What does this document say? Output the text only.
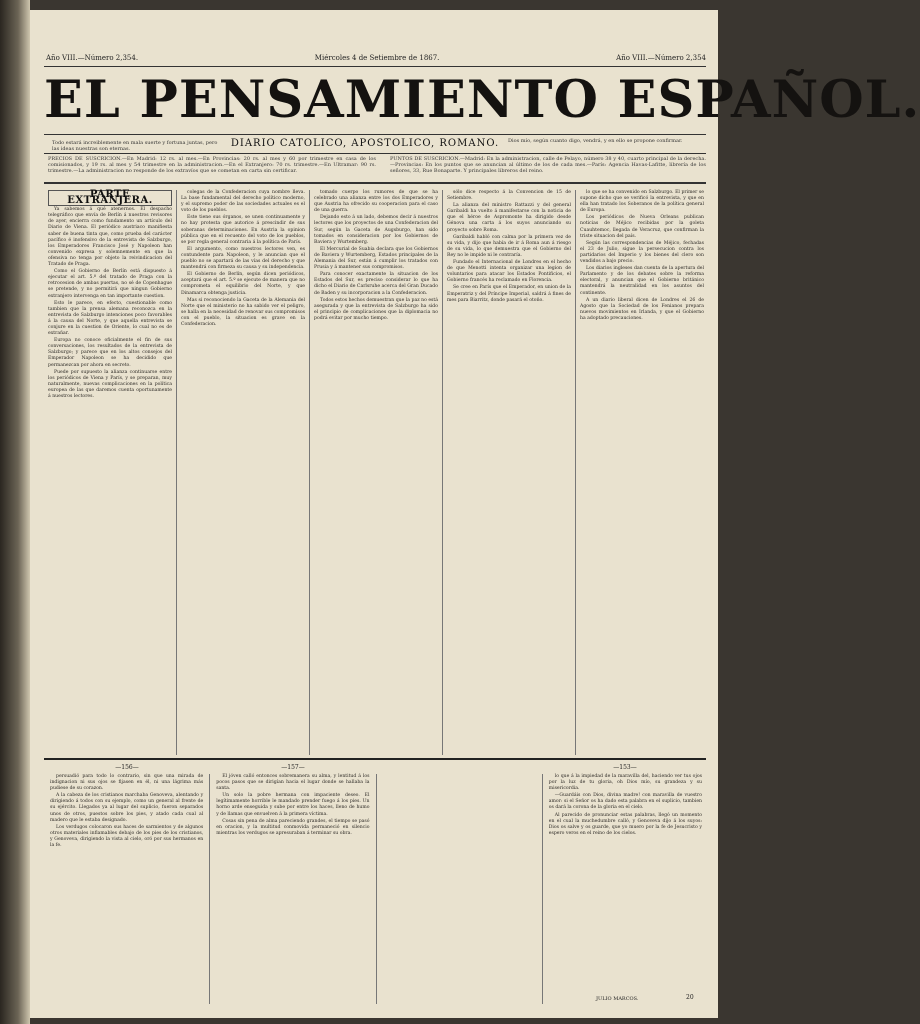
Año VIII.—Número 2,354.	Miércoles 4 de Setiembre de 1867.	Año VIII.—Número 2,354
EL PENSAMIENTO ESPAÑOL.
Todo estará increiblemente en mala suerte y fortuna juntas, pero las ideas nuestras son eternas.	DIARIO CATOLICO, APOSTOLICO, ROMANO. Dios mío, según cuanto digo, vendrá, y en ello se propone confirmar.
PRECIOS DE SUSCRICION.—En Madrid: 12 rs. al mes.—En Provincias: 20 rs. al mes y 60 por trimestre en casa de los comisionados, y 19 rs. al mes y 54 trimestre en la administracion.—En el Extranjero: 70 rs. trimestre.—En Ultramar: 90 rs. trimestre.—La administracion no responde de los extravíos que se cometan en carta sin certificar.
PUNTOS DE SUSCRICION.—Madrid: En la administracion, calle de Pelayo, número 38 y 40, cuarto principal de la derecha.—Provincias: En los puntos que se anuncian al último de los de cada mes.—París: Agencia Havas-Lafitte, librería de los señores, 33, Rue Bonaparte. Y principales libreros del reino.

PARTE EXTRANJERA.

Ya sabemos á qué atenernos. El despacho telegráfico que envía de Berlín á nuestros revisores de ayer, encierra como fundamento un artículo del Diario de Viena. El periódico austriaco manifiesta saber de buena tinta que, como prueba del carácter pacífico é inofensivo de la entrevista de Salzburgo, los Emperadores Francisco José y Napoleon han convenido expresa y solemnemente en que la ofensiva no tenga por objeto la reivindicacion del Tratado de Praga.

Como el Gobierno de Berlín está dispuesto á ejecutar el art. 5.º del tratado de Praga con la retrocesion de ambas puertas, no sé de Copenhague se pretende, y no permitirá que ningun Gobierno extranjero intervenga en tan importante cuestion.

Esto le parece, en efecto, cuestionable como tambien que la prensa alemana reconozca en la entrevista de Salzburgo intenciones poco favorables á la causa del Norte, y que aquella entrevista se conjure en la cuestion de Oriente, lo cual no es de extrañar.

Europa no conoce oficialmente el fin de sus conversaciones, los resultados de la entrevista de Salzburgo; y parece que en los altos consejos del Emperador Napoleon se ha decidido que permanezcan por ahora en secreto.

Puede por supuesto la alianza continuarse entre los periódicos de Viena y París, y se preparan, muy naturalmente, nuevas complicaciones en la política europea de las que daremos cuenta oportunamente á nuestros lectores.

colegas de la Confederacion cuya nombre lleva. La base fundamental del derecho político moderno, y el supremo poder de las sociedades actuales es el voto de los pueblos.

Este tiene sus órganos, se unen continuamente y no hay protesta que autorice á prescindir de sus soberanas determinaciones. En Austria la opinion pública que en el recuento del voto de los pueblos, se por regla general contraria á la política de París.

El argumento, como nuestros lectores ven, es contundente para Napoleon, y le anuncian que el pueblo no se apartará de las vías del derecho y que mantendrá con firmeza su causa y su independencia.

El Gobierno de Berlín, según dicen periódicos, aceptará que el art. 5.º se ejecute de manera que no comprometa el equilibrio del Norte, y que Dinamarca obtenga justicia.

Mas si reconociendo la Gaceta de la Alemania del Norte que el ministerio no ha sabido ver el peligro, se halla en la necesidad de renovar sus compromisos con el pueblo, la situacion es grave en la Confederacion.

tomado cuerpo los rumores de que se ha celebrado una alianza entre los dos Emperadores y que Austria ha ofrecido su cooperacion para el caso de una guerra.

Dejando esto á un lado, debemos decir á nuestros lectores que los proyectos de una Confederacion del Sur, según la Gaceta de Augsburgo, han sido tomados en consideracion por los Gobiernos de Baviera y Wurtemberg.

El Mercurial de Suabia declara que los Gobiernos de Baviera y Wurtemberg, Estados principales de la Alemania del Sur, están á cumplir los tratados con Prusia y á mantener sus compromisos.

Para conocer exactamente la situacion de los Estados del Sur, es preciso considerar lo que ha dicho el Diario de Carlsruhe acerca del Gran Ducado de Baden y su incorporacion a la Confederacion.

Todos estos hechos demuestran que la paz no está asegurada y que la entrevista de Salzburgo ha sido el principio de complicaciones que la diplomacia no podrá evitar por mucho tiempo.

sólo dice respecto á la Convencion de 15 de Setiembre.

La alianza del ministro Rattazzi y del general Garibaldi ha vuelto á manifestarse con la noticia de que el héroe de Aspromonte ha dirigido desde Génova una carta á los suyos anunciando su proyecto sobre Roma.

Garibaldi habló con calma por la primera vez de su vida, y dijo que había de ir á Roma aun á riesgo de su vida, lo que demuestra que el Gobierno del Rey no le impide ni le contraría.

Fundado el Internacional de Londres en el hecho de que Menotti intenta organizar una legion de voluntarios para atacar los Estados Pontificios, el Gobierno francés ha reclamado en Florencia.

Se cree en París que el Emperador, en union de la Emperatriz y del Príncipe Imperial, saldrá á fines de mes para Biarritz, donde pasará el otoño.

lo que se ha convenido en Salzburgo. El primer se supone dicho que se verificó la entrevista, y que en ella han tratado los Soberanos de la política general de Europa.

Los periódicos de Nueva Orleans publican noticias de Méjico recibidas por la goleta Cuauhtemoc, llegada de Veracruz, que confirman la triste situacion del país.

Según las correspondencias de Méjico, fechadas el 23 de Julio, sigue la persecucion contra los partidarios del Imperio y los bienes del clero son vendidos a bajo precio.

Los diarios ingleses dan cuenta de la apertura del Parlamento y de los debates sobre la reforma electoral, y anuncian que el Gobierno británico mantendrá la neutralidad en los asuntos del continente.

A un diario liberal dicen de Londres el 26 de Agosto que la Sociedad de los Fenianos prepara nuevos movimientos en Irlanda, y que el Gobierno ha adoptado precauciones.

—156—	—157—	—153—

persuadió para todo lo contrario, sin que una mirada de indignacion ni sus ojos se fijasen en él, ni una lágrima más pudiese de su corazon.

A la cabeza de los cristianos marchaba Genoveva, alentando y dirigiendo á todos con su ejemplo, como un general al frente de su ejército. Llegados ya al lugar del suplicio, fueron separados unos de otros, puestos sobre los pies, y atado cada cual al madero que le estaba designado.

Los verdugos colocaron sus haces de sarmientos y de algunos otros materiales inflamables debajo de los pies de los cristianos, y Genoveva, dirigiendo la vista al cielo, oró por sus hermanos en la fe.

El jóven calló entonces sobremanera su alma, y lentitud á los pocos pasos que se dirigían hacia el lugar donde se hallaba la santa.

Un solo la pobre hermana con impaciente deseo. El legítimamente horrible le mandado prender fuego á los pies. Un horno arde enseguida y sube por entre los haces, lleno de humo y de llamas que envuelven á la primera víctima.

Cosas sin pena de alma pareciendo grandes, el tiempo se pasó en oracion, y la multitud conmovida permaneció en silencio mientras los verdugos se apresuraban á terminar su obra.

lo que á la impiedad de la maravilla del, haciendo ver tus ojos por la luz de tu gloria, oh Dios mío, su grandeza y su misericordia.

—Guardáis con Dios, divina madre! con maravilla de vuestro amor: si el Señor os ha dado esta palabra en el suplicio, tambien os dará la corona de la gloria en el cielo.

Al parecido de pronunciar estas palabras, llegó un momento en el cual la muchedumbre calló, y Genoveva dijo á los suyos: Dios os salve y os guarde, que yo muero por la fe de Jesucristo y espero veros en el reino de los cielos.

JULIO MARCOS.	20
